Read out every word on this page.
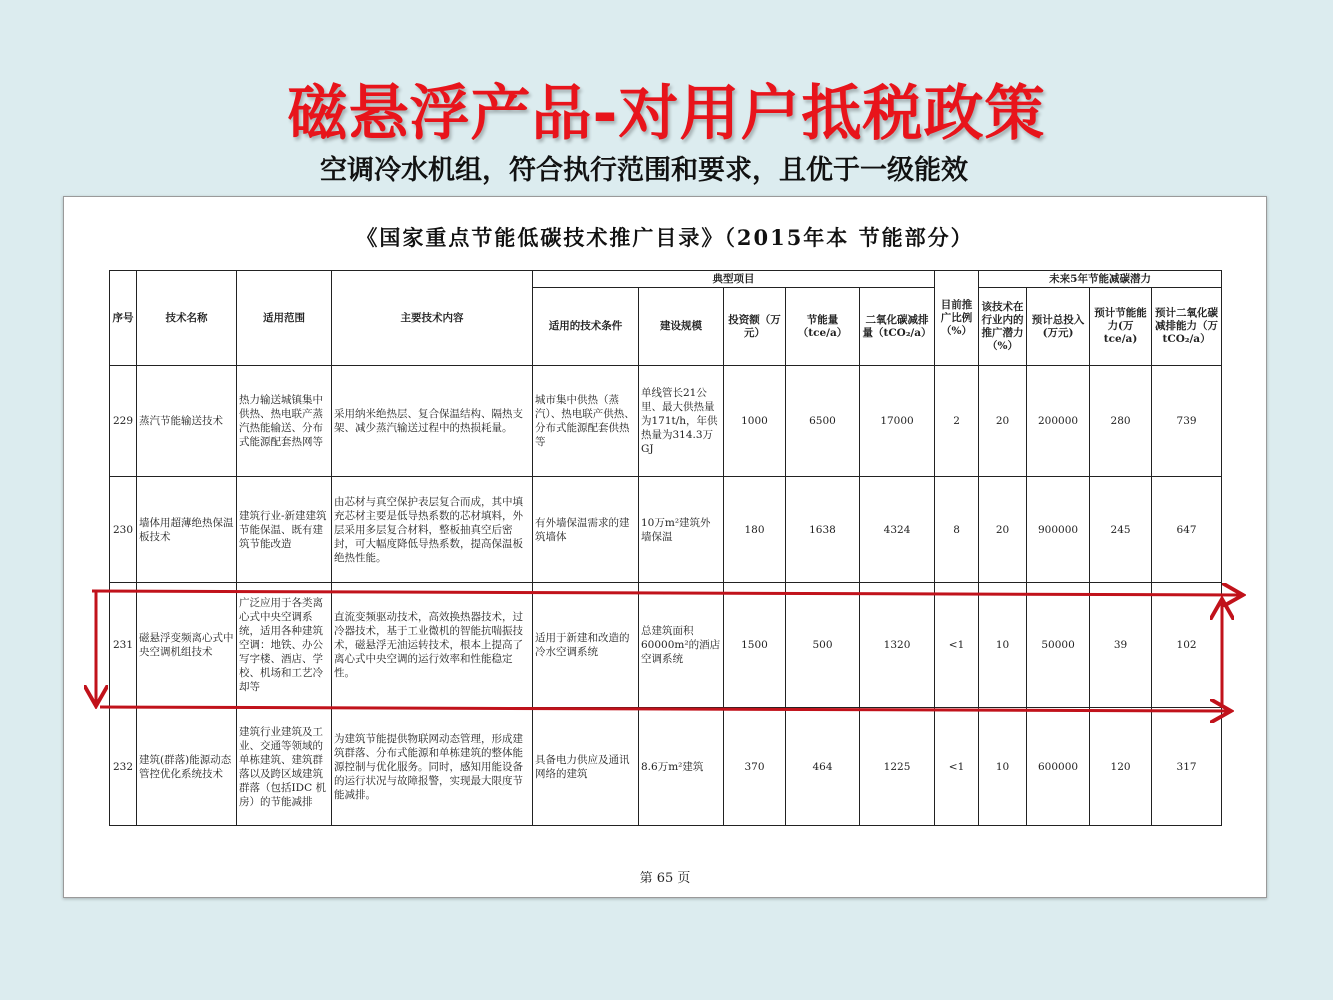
磁悬浮产品-对用户抵税政策
空调冷水机组，符合执行范围和要求，且优于一级能效
《国家重点节能低碳技术推广目录》（2015年本 节能部分）
序号	技术名称	适用范围	主要技术内容	典型项目					目前推广比例（%）	未来5年节能减碳潜力			
				适用的技术条件	建设规模	投资额（万元）	节能量（tce/a）	二氧化碳减排量（tCO₂/a）		该技术在行业内的推广潜力（%）	预计总投入(万元)	预计节能能力(万tce/a)	预计二氧化碳减排能力（万tCO₂/a）
229	蒸汽节能输送技术	热力输送城镇集中供热、热电联产蒸汽热能输送、分布式能源配套热网等	采用纳米绝热层、复合保温结构、隔热支架、减少蒸汽输送过程中的热损耗量。	城市集中供热（蒸汽）、热电联产供热、分布式能源配套供热等	单线管长21公里、最大供热量为171t/h，年供热量为314.3万GJ	1000	6500	17000	2	20	200000	280	739
230	墙体用超薄绝热保温板技术	建筑行业-新建建筑节能保温、既有建筑节能改造	由芯材与真空保护表层复合而成，其中填充芯材主要是低导热系数的芯材填料，外层采用多层复合材料，整板抽真空后密封，可大幅度降低导热系数，提高保温板绝热性能。	有外墙保温需求的建筑墙体	10万m²建筑外墙保温	180	1638	4324	8	20	900000	245	647
231	磁悬浮变频离心式中央空调机组技术	广泛应用于各类离心式中央空调系统，适用各种建筑空调：地铁、办公写字楼、酒店、学校、机场和工艺冷却等	直流变频驱动技术，高效换热器技术，过冷器技术，基于工业微机的智能抗喘振技术，磁悬浮无油运转技术，根本上提高了离心式中央空调的运行效率和性能稳定性。	适用于新建和改造的冷水空调系统	总建筑面积60000m²的酒店空调系统	1500	500	1320	<1	10	50000	39	102
232	建筑(群落)能源动态管控优化系统技术	建筑行业建筑及工业、交通等领域的单栋建筑、建筑群落以及跨区域建筑群落（包括IDC 机房）的节能减排	为建筑节能提供物联网动态管理，形成建筑群落、分布式能源和单栋建筑的整体能源控制与优化服务。同时，感知用能设备的运行状况与故障报警，实现最大限度节能减排。	具备电力供应及通讯网络的建筑	8.6万m²建筑	370	464	1225	<1	10	600000	120	317
第 65 页
